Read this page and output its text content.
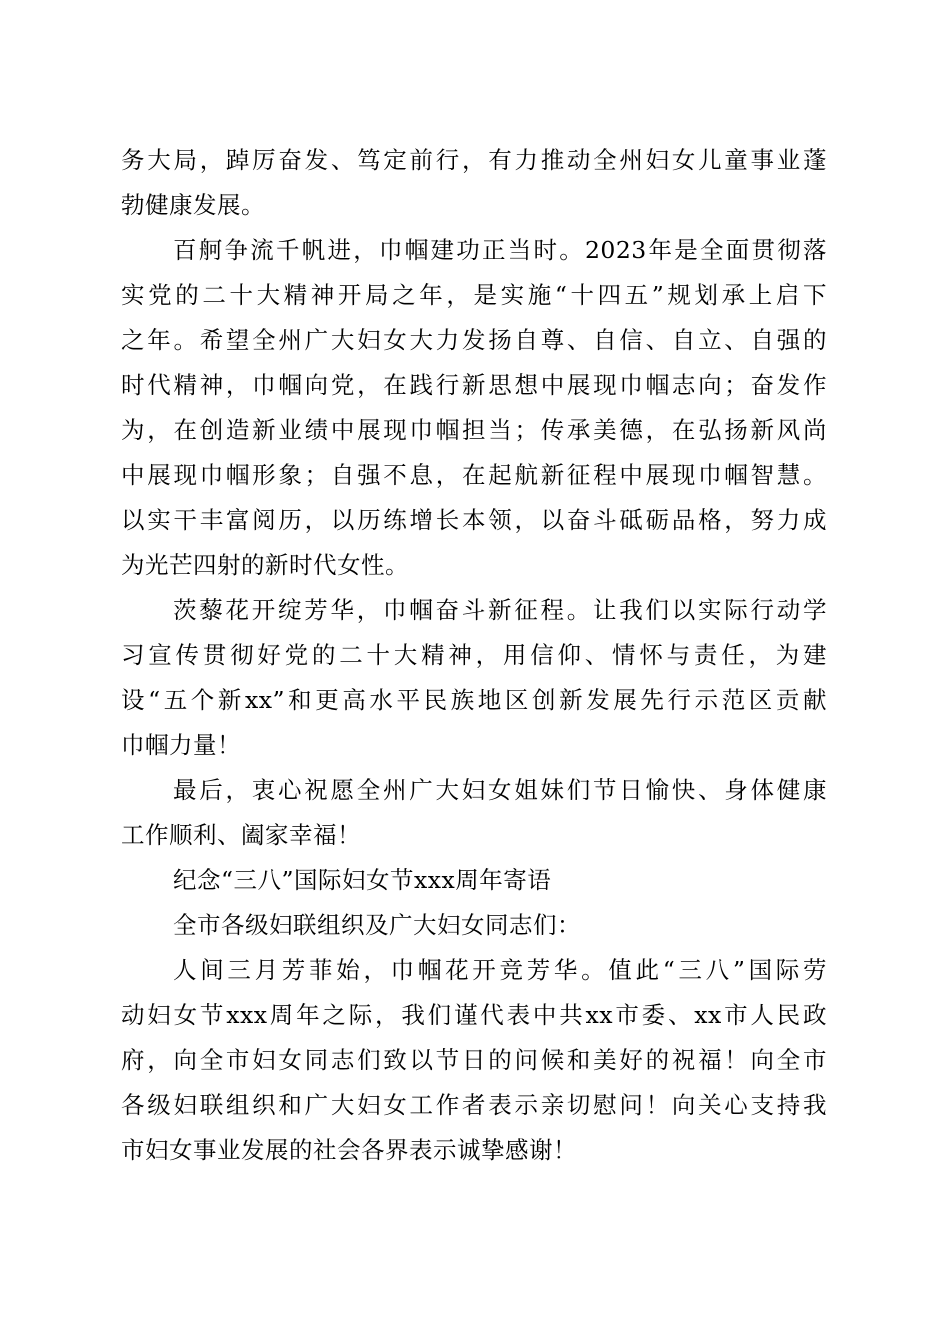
务大局，踔厉奋发、笃定前行，有力推动全州妇女儿童事业蓬
勃健康发展。
百舸争流千帆进，巾帼建功正当时。2023年是全面贯彻落
实党的二十大精神开局之年，是实施“十四五”规划承上启下
之年。希望全州广大妇女大力发扬自尊、自信、自立、自强的
时代精神，巾帼向党，在践行新思想中展现巾帼志向；奋发作
为，在创造新业绩中展现巾帼担当；传承美德，在弘扬新风尚
中展现巾帼形象；自强不息，在起航新征程中展现巾帼智慧。
以实干丰富阅历，以历练增长本领，以奋斗砥砺品格，努力成
为光芒四射的新时代女性。
茨藜花开绽芳华，巾帼奋斗新征程。让我们以实际行动学
习宣传贯彻好党的二十大精神，用信仰、情怀与责任，为建
设“五个新xx”和更高水平民族地区创新发展先行示范区贡献
巾帼力量！
最后，衷心祝愿全州广大妇女姐妹们节日愉快、身体健康
工作顺利、阖家幸福！
纪念“三八”国际妇女节xxx周年寄语
全市各级妇联组织及广大妇女同志们：
人间三月芳菲始，巾帼花开竞芳华。值此“三八”国际劳
动妇女节xxx周年之际，我们谨代表中共xx市委、xx市人民政
府，向全市妇女同志们致以节日的问候和美好的祝福！向全市
各级妇联组织和广大妇女工作者表示亲切慰问！向关心支持我
市妇女事业发展的社会各界表示诚挚感谢！
